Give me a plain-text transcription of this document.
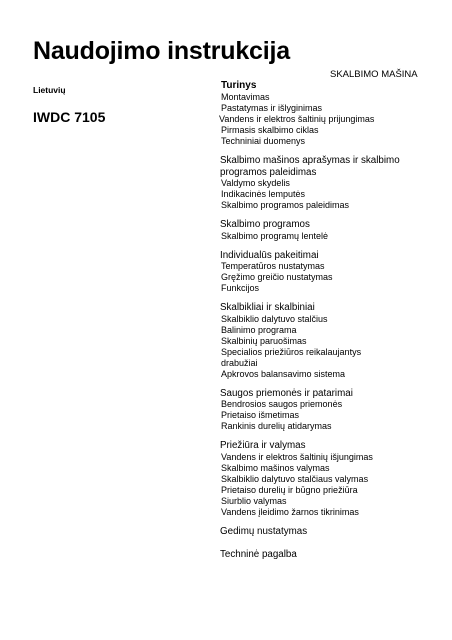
Naudojimo instrukcija
Lietuvių
IWDC 7105
SKALBIMO MAŠINA
Turinys
Montavimas
Pastatymas ir išlyginimas
Vandens ir elektros šaltinių prijungimas
Pirmasis skalbimo ciklas
Techniniai duomenys
Skalbimo mašinos aprašymas ir skalbimo
programos paleidimas
Valdymo skydelis
Indikacinės lemputės
Skalbimo programos paleidimas
Skalbimo programos
Skalbimo programų lentelė
Individualūs pakeitimai
Temperatūros nustatymas
Gręžimo greičio nustatymas
Funkcijos
Skalbikliai ir skalbiniai
Skalbiklio dalytuvo stalčius
Balinimo programa
Skalbinių paruošimas
Specialios priežiūros reikalaujantys
drabužiai
Apkrovos balansavimo sistema
Saugos priemonės ir patarimai
Bendrosios saugos priemonės
Prietaiso išmetimas
Rankinis durelių atidarymas
Priežiūra ir valymas
Vandens ir elektros šaltinių išjungimas
Skalbimo mašinos valymas
Skalbiklio dalytuvo stalčiaus valymas
Prietaiso durelių ir būgno priežiūra
Siurblio valymas
Vandens įleidimo žarnos tikrinimas
Gedimų nustatymas
Techninė pagalba
